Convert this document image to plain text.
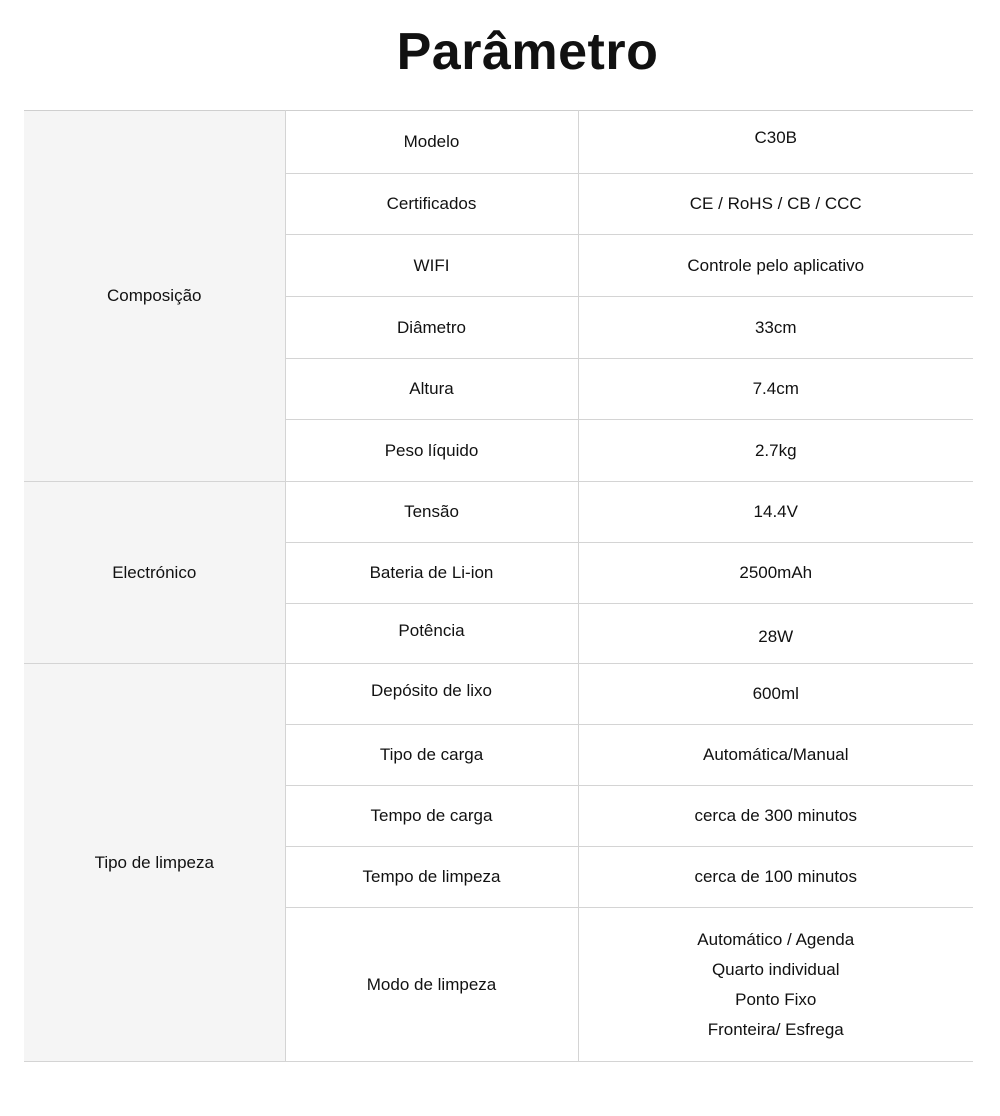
Parâmetro
Composição	Modelo	C30B
	Certificados	CE / RoHS / CB / CCC
	WIFI	Controle pelo aplicativo
	Diâmetro	33cm
	Altura	7.4cm
	Peso líquido	2.7kg
Electrónico	Tensão	14.4V
	Bateria de Li-ion	2500mAh
	Potência	28W
Tipo de limpeza	Depósito de lixo	600ml
	Tipo de carga	Automática/Manual
	Tempo de carga	cerca de 300 minutos
	Tempo de limpeza	cerca de 100 minutos
	Modo de limpeza	Automático / Agenda
Quarto individual
Ponto Fixo
Fronteira/ Esfrega
